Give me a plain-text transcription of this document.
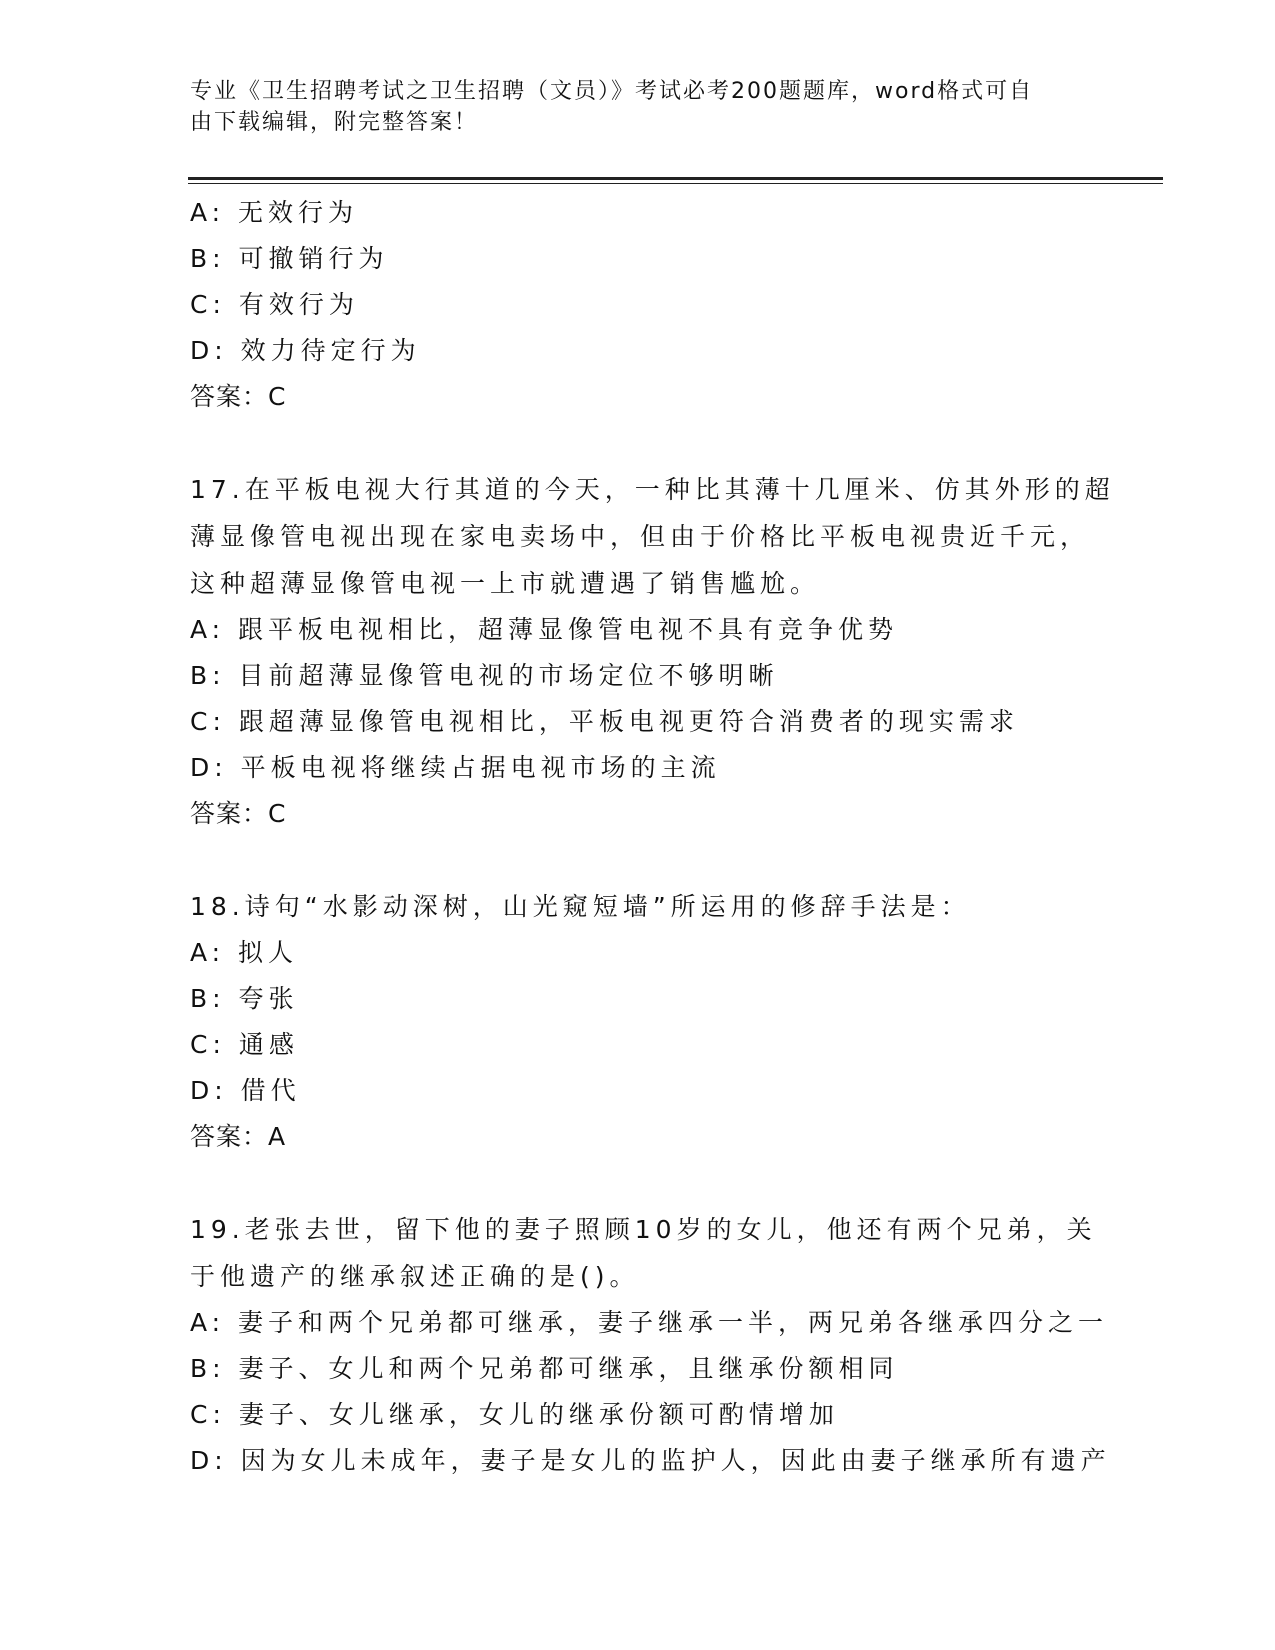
专业《卫生招聘考试之卫生招聘（文员）》考试必考200题题库，word格式可自
由下载编辑，附完整答案！
A: 无效行为
B: 可撤销行为
C: 有效行为
D: 效力待定行为
答案：C
17.在平板电视大行其道的今天，一种比其薄十几厘米、仿其外形的超
薄显像管电视出现在家电卖场中，但由于价格比平板电视贵近千元，
这种超薄显像管电视一上市就遭遇了销售尴尬。
A: 跟平板电视相比，超薄显像管电视不具有竞争优势
B: 目前超薄显像管电视的市场定位不够明晰
C: 跟超薄显像管电视相比，平板电视更符合消费者的现实需求
D: 平板电视将继续占据电视市场的主流
答案：C
18.诗句“水影动深树，山光窥短墙”所运用的修辞手法是：
A: 拟人
B: 夸张
C: 通感
D: 借代
答案：A
19.老张去世，留下他的妻子照顾10岁的女儿，他还有两个兄弟，关
于他遗产的继承叙述正确的是()。
A: 妻子和两个兄弟都可继承，妻子继承一半，两兄弟各继承四分之一
B: 妻子、女儿和两个兄弟都可继承，且继承份额相同
C: 妻子、女儿继承，女儿的继承份额可酌情增加
D: 因为女儿未成年，妻子是女儿的监护人，因此由妻子继承所有遗产
